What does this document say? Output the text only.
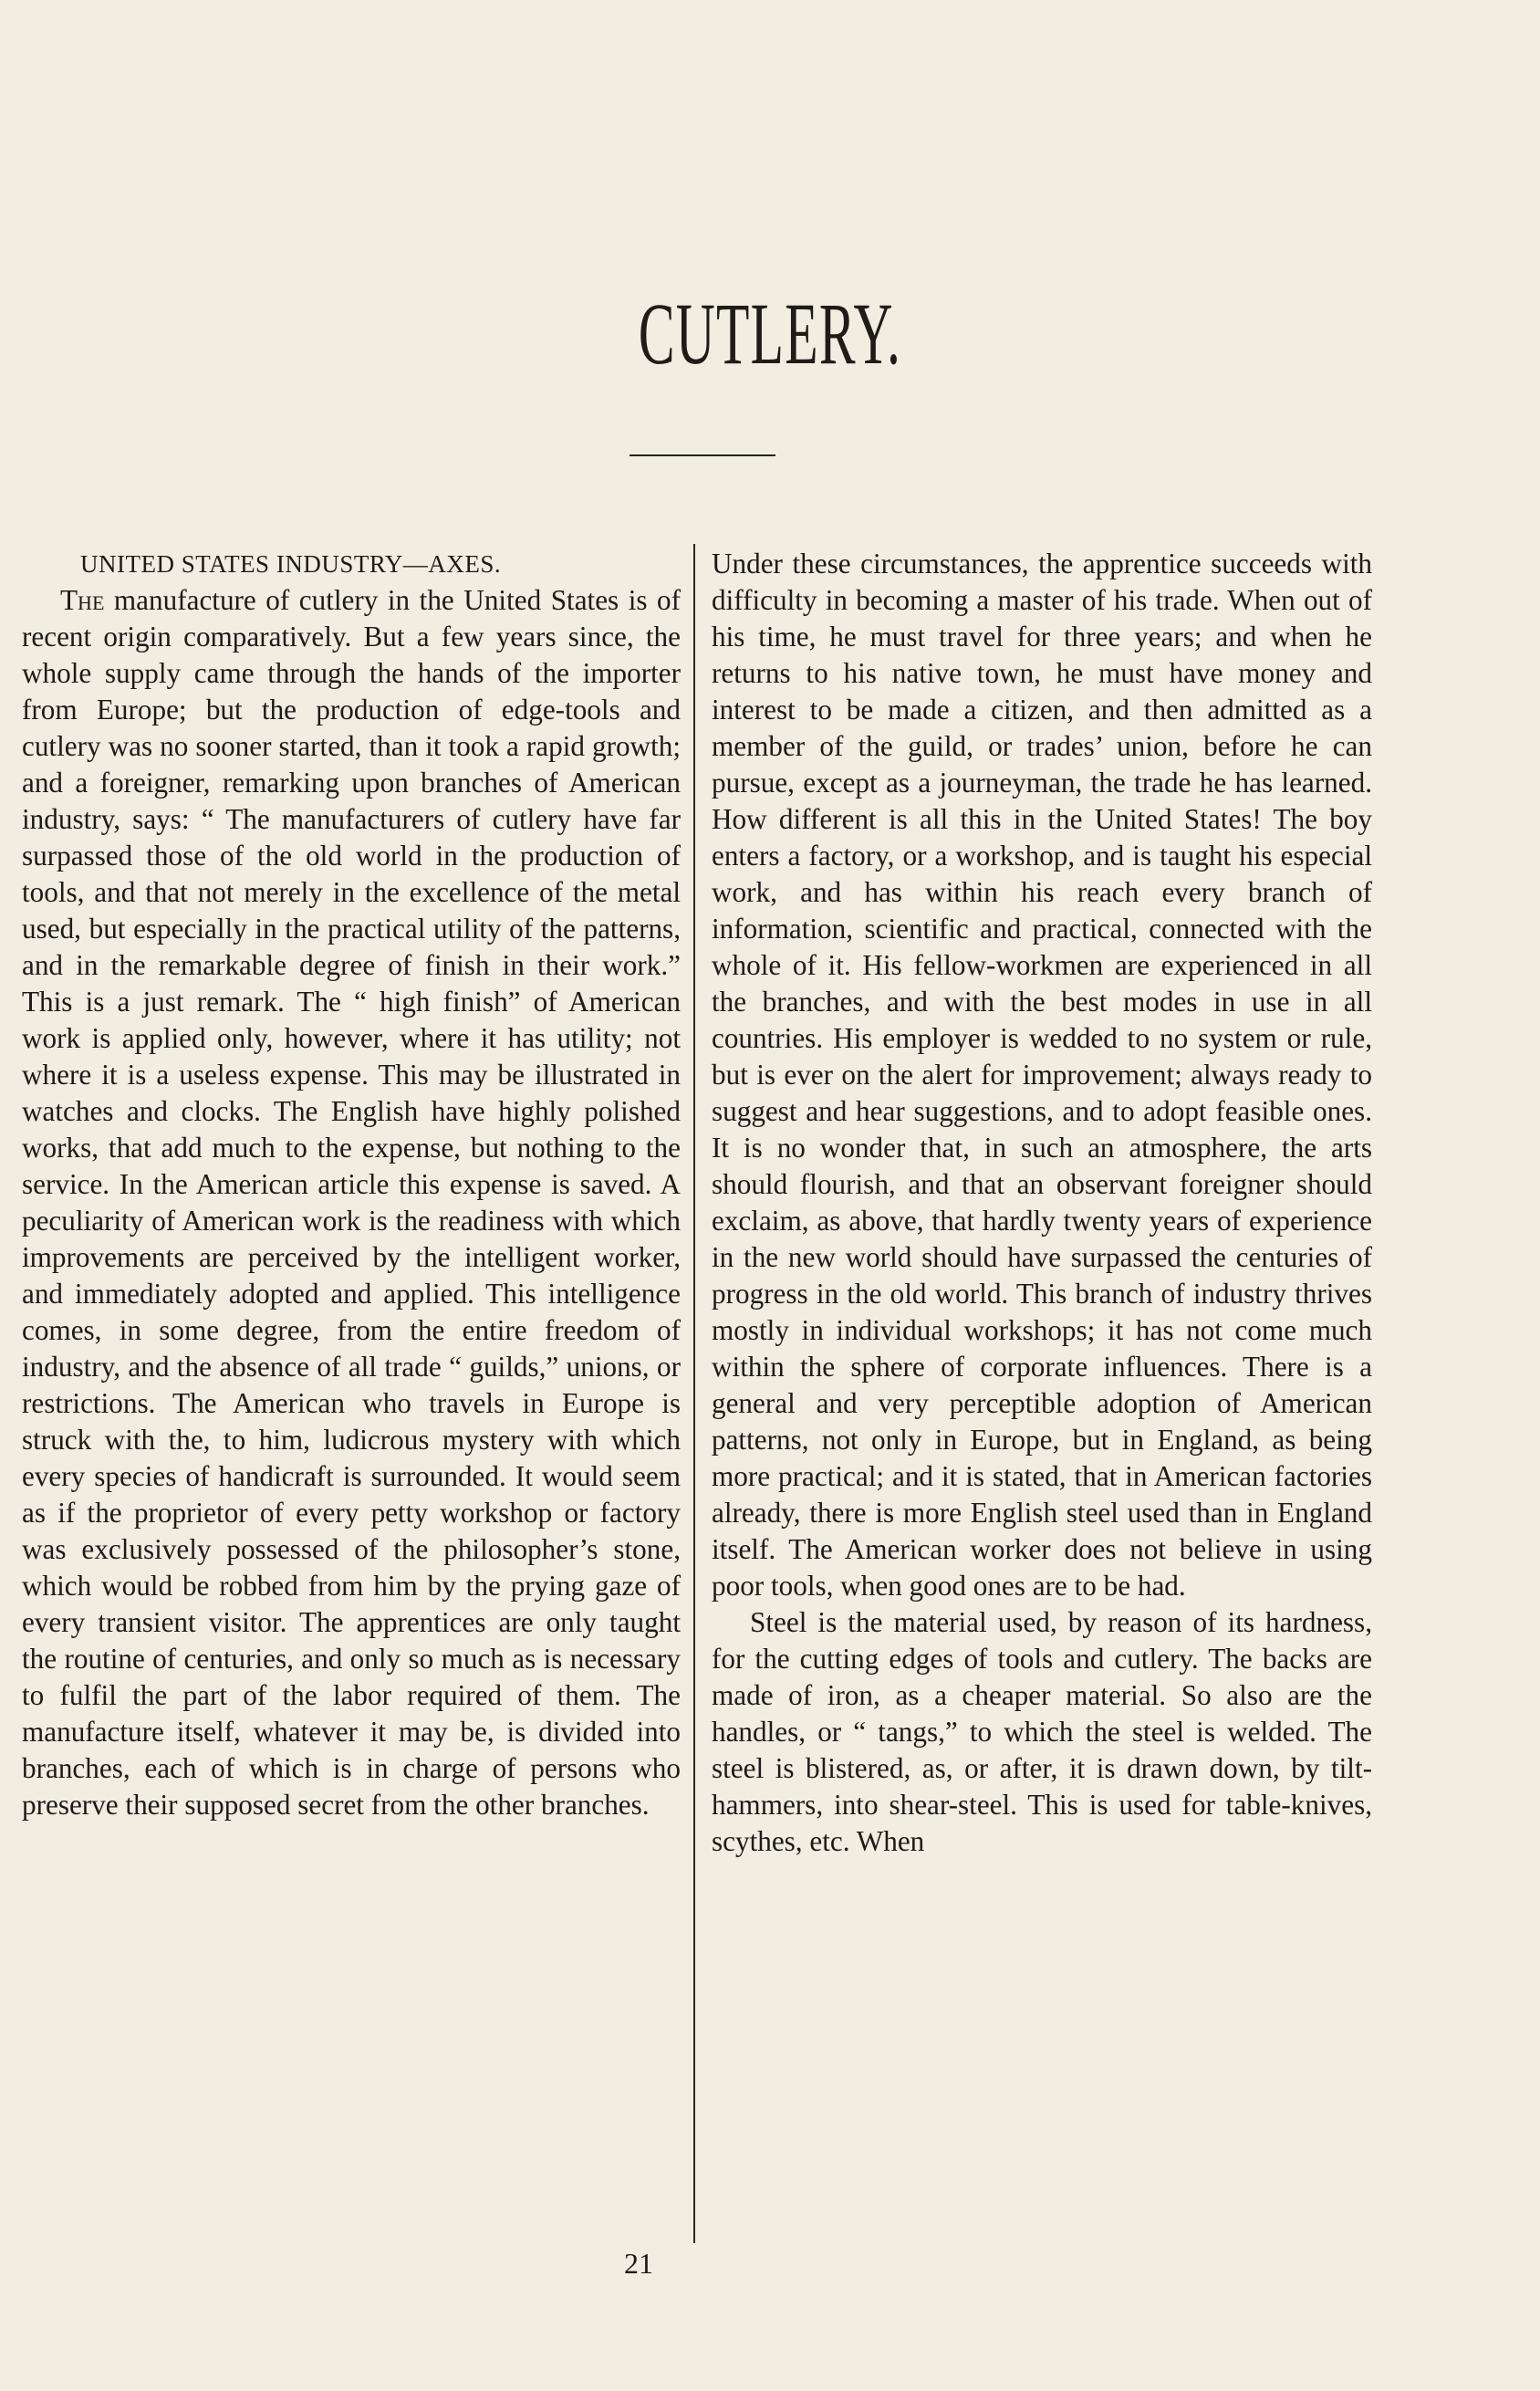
CUTLERY.

UNITED STATES INDUSTRY—AXES.

The manufacture of cutlery in the United States is of recent origin comparatively. But a few years since, the whole supply came through the hands of the importer from Europe; but the production of edge-tools and cutlery was no sooner started, than it took a rapid growth; and a foreigner, remarking upon branches of American industry, says: “ The manufacturers of cutlery have far surpassed those of the old world in the production of tools, and that not merely in the excellence of the metal used, but especially in the practical utility of the patterns, and in the remarkable degree of finish in their work.” This is a just remark. The “ high finish” of American work is applied only, however, where it has utility; not where it is a useless expense. This may be illustrated in watches and clocks. The English have highly polished works, that add much to the expense, but nothing to the service. In the American article this expense is saved. A peculiarity of American work is the readiness with which improvements are perceived by the intelligent worker, and immediately adopted and applied. This intelligence comes, in some degree, from the entire freedom of industry, and the absence of all trade “ guilds,” unions, or restrictions. The American who travels in Europe is struck with the, to him, ludicrous mystery with which every species of handicraft is surrounded. It would seem as if the proprietor of every petty workshop or factory was exclusively possessed of the philosopher’s stone, which would be robbed from him by the prying gaze of every transient visitor. The apprentices are only taught the routine of centuries, and only so much as is necessary to fulfil the part of the labor required of them. The manufacture itself, whatever it may be, is divided into branches, each of which is in charge of persons who preserve their supposed secret from the other branches.

Under these circumstances, the apprentice succeeds with difficulty in becoming a master of his trade. When out of his time, he must travel for three years; and when he returns to his native town, he must have money and interest to be made a citizen, and then admitted as a member of the guild, or trades’ union, before he can pursue, except as a journeyman, the trade he has learned. How different is all this in the United States! The boy enters a factory, or a workshop, and is taught his especial work, and has within his reach every branch of information, scientific and practical, connected with the whole of it. His fellow-workmen are experienced in all the branches, and with the best modes in use in all countries. His employer is wedded to no system or rule, but is ever on the alert for improvement; always ready to suggest and hear suggestions, and to adopt feasible ones. It is no wonder that, in such an atmosphere, the arts should flourish, and that an observant foreigner should exclaim, as above, that hardly twenty years of experience in the new world should have surpassed the centuries of progress in the old world. This branch of industry thrives mostly in individual workshops; it has not come much within the sphere of corporate influences. There is a general and very perceptible adoption of American patterns, not only in Europe, but in England, as being more practical; and it is stated, that in American factories already, there is more English steel used than in England itself. The American worker does not believe in using poor tools, when good ones are to be had.

Steel is the material used, by reason of its hardness, for the cutting edges of tools and cutlery. The backs are made of iron, as a cheaper material. So also are the handles, or “ tangs,” to which the steel is welded. The steel is blistered, as, or after, it is drawn down, by tilt-hammers, into shear-steel. This is used for table-knives, scythes, etc. When

21
